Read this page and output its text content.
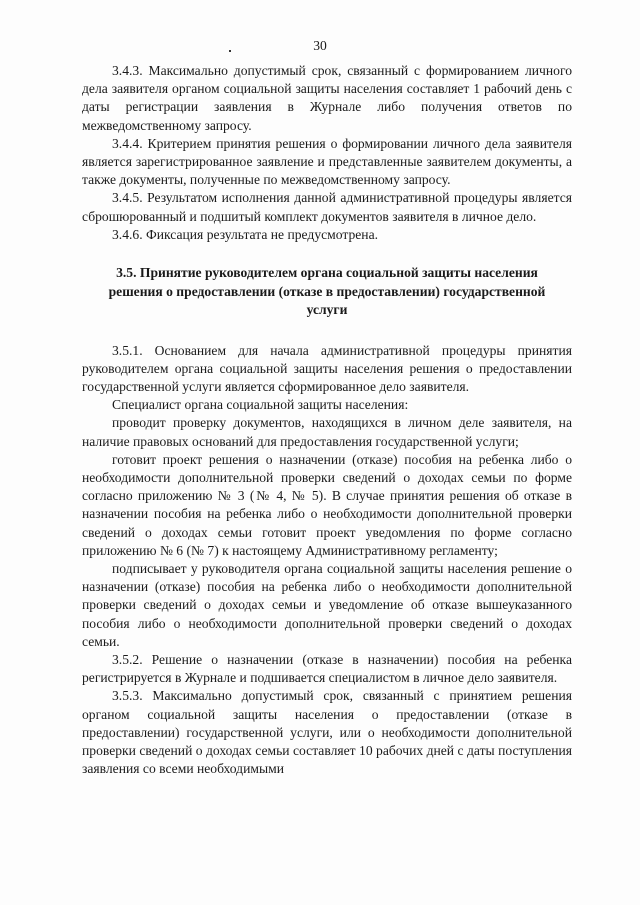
30

3.4.3. Максимально допустимый срок, связанный с формированием личного дела заявителя органом социальной защиты населения составляет 1 рабочий день с даты регистрации заявления в Журнале либо получения ответов по межведомственному запросу.

3.4.4. Критерием принятия решения о формировании личного дела заявителя является зарегистрированное заявление и представленные заявителем документы, а также документы, полученные по межведомственному запросу.

3.4.5. Результатом исполнения данной административной процедуры является сброшюрованный и подшитый комплект документов заявителя в личное дело.

3.4.6. Фиксация результата не предусмотрена.

3.5. Принятие руководителем органа социальной защиты населения решения о предоставлении (отказе в предоставлении) государственной услуги

3.5.1. Основанием для начала административной процедуры принятия руководителем органа социальной защиты населения решения о предоставлении государственной услуги является сформированное дело заявителя.

Специалист органа социальной защиты населения:

проводит проверку документов, находящихся в личном деле заявителя, на наличие правовых оснований для предоставления государственной услуги;

готовит проект решения о назначении (отказе) пособия на ребенка либо о необходимости дополнительной проверки сведений о доходах семьи по форме согласно приложению № 3 (№ 4, № 5). В случае принятия решения об отказе в назначении пособия на ребенка либо о необходимости дополнительной проверки сведений о доходах семьи готовит проект уведомления по форме согласно приложению № 6 (№ 7) к настоящему Административному регламенту;

подписывает у руководителя органа социальной защиты населения решение о назначении (отказе) пособия на ребенка либо о необходимости дополнительной проверки сведений о доходах семьи и уведомление об отказе вышеуказанного пособия либо о необходимости дополнительной проверки сведений о доходах семьи.

3.5.2. Решение о назначении (отказе в назначении) пособия на ребенка регистрируется в Журнале и подшивается специалистом в личное дело заявителя.

3.5.3. Максимально допустимый срок, связанный с принятием решения органом социальной защиты населения о предоставлении (отказе в предоставлении) государственной услуги, или о необходимости дополнительной проверки сведений о доходах семьи составляет 10 рабочих дней с даты поступления заявления со всеми необходимыми
